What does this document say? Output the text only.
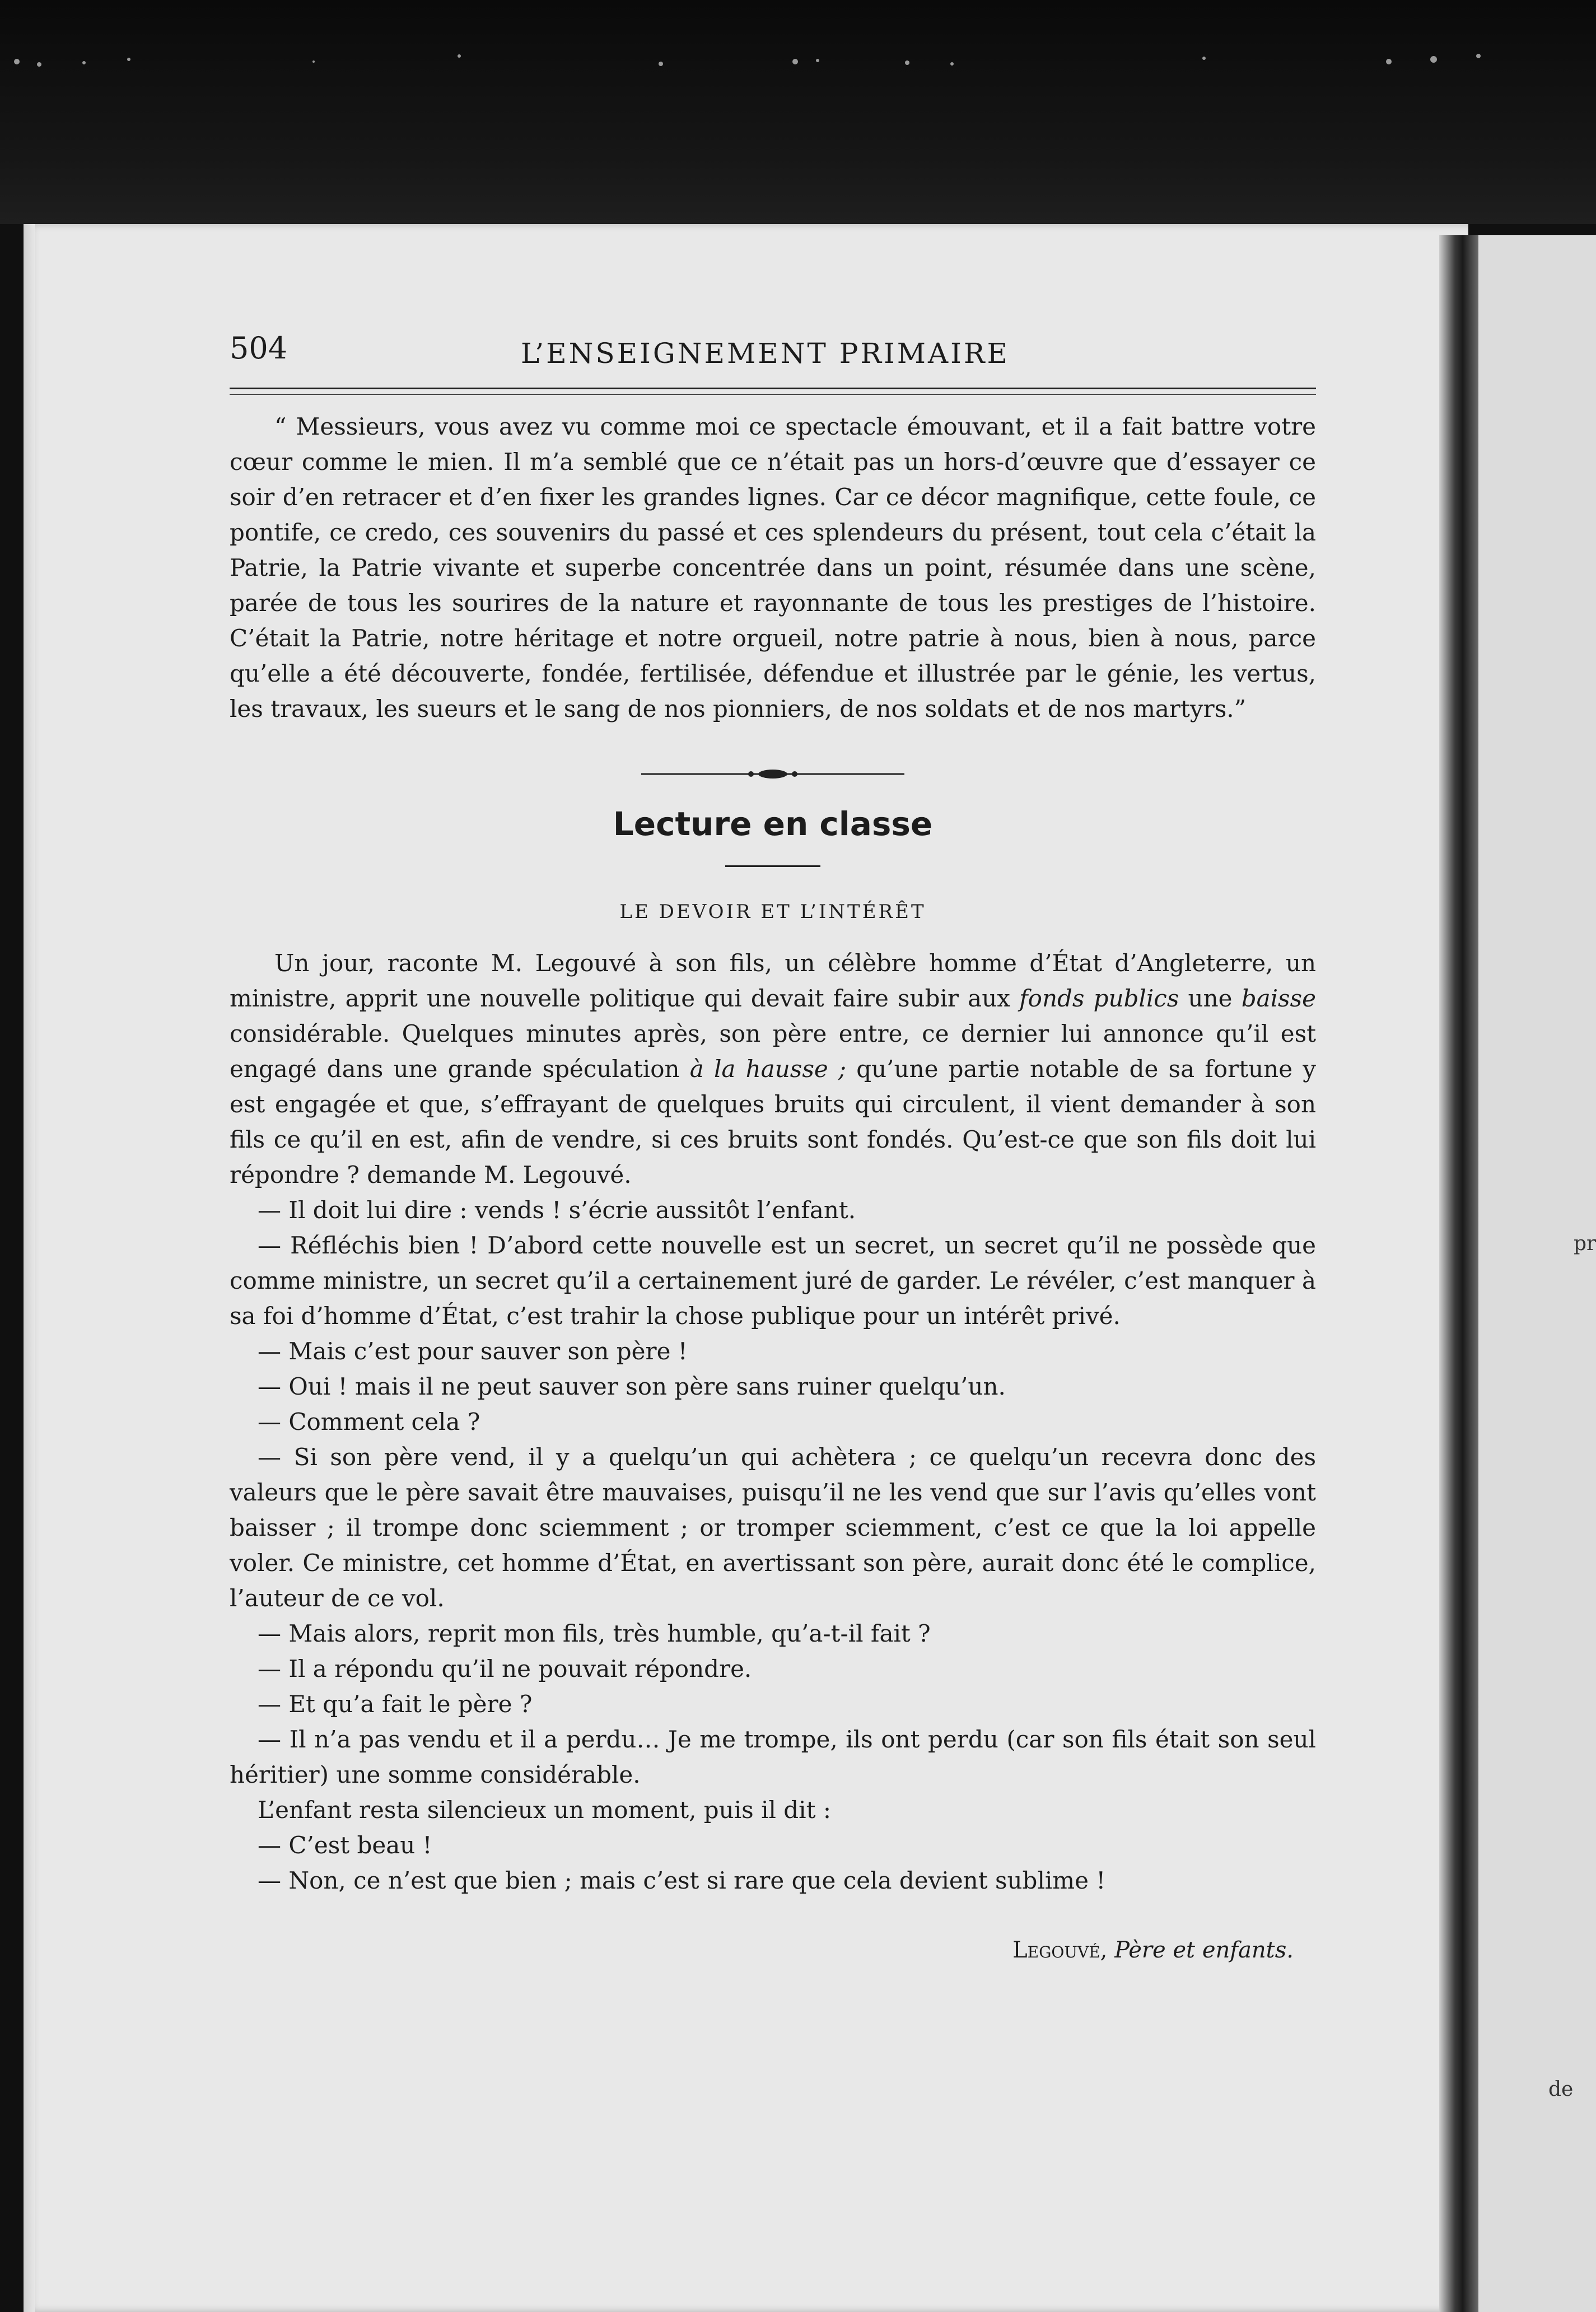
pr
de
504	L’ENSEIGNEMENT PRIMAIRE

“ Messieurs, vous avez vu comme moi ce spectacle émouvant, et il a fait battre votre cœur comme le mien. Il m’a semblé que ce n’était pas un hors-d’œuvre que d’essayer ce soir d’en retracer et d’en fixer les grandes lignes. Car ce décor magnifique, cette foule, ce pontife, ce credo, ces souvenirs du passé et ces splendeurs du présent, tout cela c’était la Patrie, la Patrie vivante et superbe concentrée dans un point, résumée dans une scène, parée de tous les sourires de la nature et rayonnante de tous les prestiges de l’histoire. C’était la Patrie, notre héritage et notre orgueil, notre patrie à nous, bien à nous, parce qu’elle a été découverte, fondée, fertilisée, défendue et illustrée par le génie, les vertus, les travaux, les sueurs et le sang de nos pionniers, de nos soldats et de nos martyrs.”

Lecture en classe
LE DEVOIR ET L’INTÉRÊT

Un jour, raconte M. Legouvé à son fils, un célèbre homme d’État d’Angleterre, un ministre, apprit une nouvelle politique qui devait faire subir aux fonds publics une baisse considérable. Quelques minutes après, son père entre, ce dernier lui annonce qu’il est engagé dans une grande spéculation à la hausse ; qu’une partie notable de sa fortune y est engagée et que, s’effrayant de quelques bruits qui circulent, il vient demander à son fils ce qu’il en est, afin de vendre, si ces bruits sont fondés. Qu’est-ce que son fils doit lui répondre ? demande M. Legouvé.

— Il doit lui dire : vends ! s’écrie aussitôt l’enfant.

— Réfléchis bien ! D’abord cette nouvelle est un secret, un secret qu’il ne possède que comme ministre, un secret qu’il a certainement juré de garder. Le révéler, c’est manquer à sa foi d’homme d’État, c’est trahir la chose publique pour un intérêt privé.

— Mais c’est pour sauver son père !

— Oui ! mais il ne peut sauver son père sans ruiner quelqu’un.

— Comment cela ?

— Si son père vend, il y a quelqu’un qui achètera ; ce quelqu’un recevra donc des valeurs que le père savait être mauvaises, puisqu’il ne les vend que sur l’avis qu’elles vont baisser ; il trompe donc sciemment ; or tromper sciemment, c’est ce que la loi appelle voler. Ce ministre, cet homme d’État, en avertissant son père, aurait donc été le complice, l’auteur de ce vol.

— Mais alors, reprit mon fils, très humble, qu’a-t-il fait ?

— Il a répondu qu’il ne pouvait répondre.

— Et qu’a fait le père ?

— Il n’a pas vendu et il a perdu… Je me trompe, ils ont perdu (car son fils était son seul héritier) une somme considérable.

L’enfant resta silencieux un moment, puis il dit :

— C’est beau !

— Non, ce n’est que bien ; mais c’est si rare que cela devient sublime !

Legouvé, Père et enfants.
